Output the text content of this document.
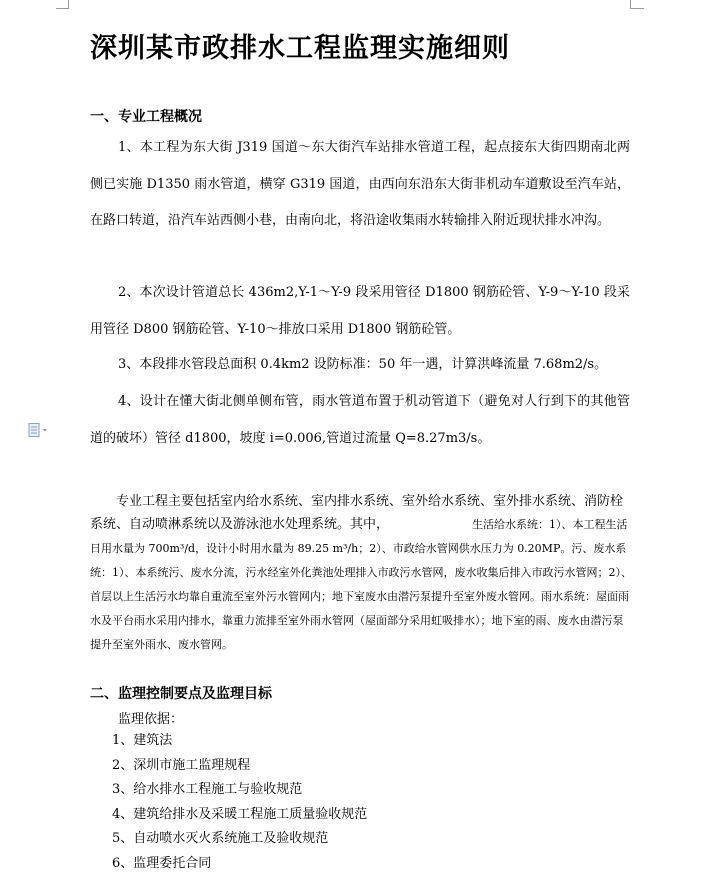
深圳某市政排水工程监理实施细则
一、专业工程概况
1、本工程为东大街 J319 国道～东大街汽车站排水管道工程，起点接东大街四期南北两侧已实施 D1350 雨水管道，横穿 G319 国道，由西向东沿东大街非机动车道敷设至汽车站，在路口转道，沿汽车站西侧小巷，由南向北，将沿途收集雨水转输排入附近现状排水冲沟。
2、本次设计管道总长 436m2,Y-1～Y-9 段采用管径 D1800 钢筋砼管、Y-9～Y-10 段采用管径 D800 钢筋砼管、Y-10～排放口采用 D1800 钢筋砼管。
3、本段排水管段总面积 0.4km2 设防标准：50 年一遇，计算洪峰流量 7.68m2/s。
4、设计在懂大街北侧单侧布管，雨水管道布置于机动管道下（避免对人行到下的其他管道的破坏）管径 d1800，坡度 i=0.006,管道过流量 Q=8.27m3/s。
专业工程主要包括室内给水系统、室内排水系统、室外给水系统、室外排水系统、消防栓系统、自动喷淋系统以及游泳池水处理系统。其中，	生活给水系统：1）、本工程生活日用水量为 700m³/d，设计小时用水量为 89.25 m³/h；2）、市政给水管网供水压力为 0.20MP。污、废水系统：1）、本系统污、废水分流，污水经室外化粪池处理排入市政污水管网，废水收集后排入市政污水管网；2）、首层以上生活污水均靠自重流至室外污水管网内；地下室废水由潜污泵提升至室外废水管网。雨水系统：屋面雨水及平台雨水采用内排水，靠重力流排至室外雨水管网（屋面部分采用虹吸排水）；地下室的雨、废水由潜污泵提升至室外雨水、废水管网。
二、监理控制要点及监理目标
监理依据：
1、建筑法
2、深圳市施工监理规程
3、给水排水工程施工与验收规范
4、建筑给排水及采暖工程施工质量验收规范
5、自动喷水灭火系统施工及验收规范
6、监理委托合同
